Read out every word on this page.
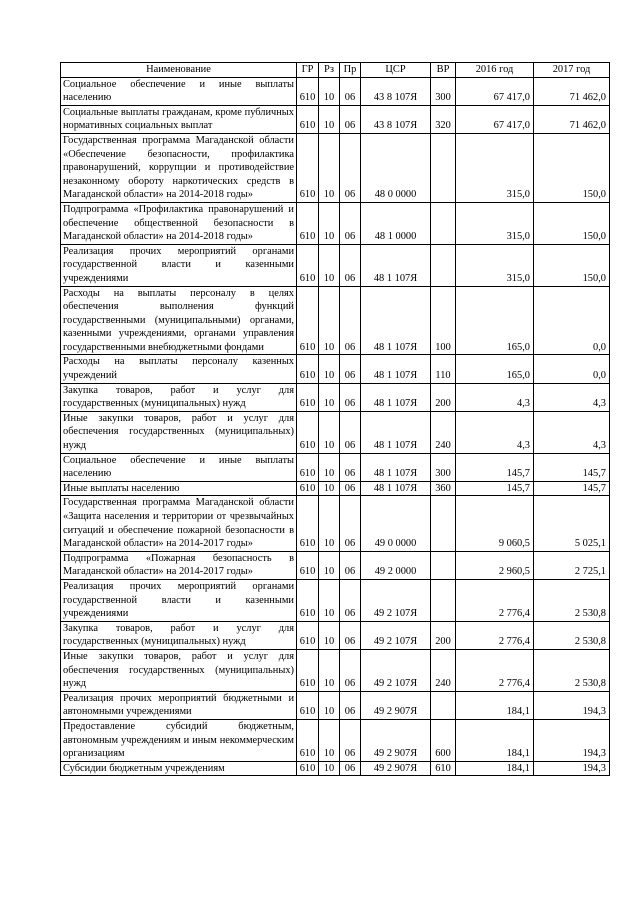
Наименование	ГР	Рз	Пр	ЦСР	ВР	2016 год	2017 год
Социальное обеспечение и иные выплаты населению	610	10	06	43 8 107Я	300	67 417,0	71 462,0
Социальные выплаты гражданам, кроме публичных нормативных социальных выплат	610	10	06	43 8 107Я	320	67 417,0	71 462,0
Государственная программа Магаданской области «Обеспечение безопасности, профилактика правонарушений, коррупции и противодействие незаконному обороту наркотических средств в Магаданской области» на 2014-2018 годы»	610	10	06	48 0 0000		315,0	150,0
Подпрограмма «Профилактика правонарушений и обеспечение общественной безопасности в Магаданской области» на 2014-2018 годы»	610	10	06	48 1 0000		315,0	150,0
Реализация прочих мероприятий органами государственной власти и казенными учреждениями	610	10	06	48 1 107Я		315,0	150,0
Расходы на выплаты персоналу в целях обеспечения выполнения функций государственными (муниципальными) органами, казенными учреждениями, органами управления государственными внебюджетными фондами	610	10	06	48 1 107Я	100	165,0	0,0
Расходы на выплаты персоналу казенных учреждений	610	10	06	48 1 107Я	110	165,0	0,0
Закупка товаров, работ и услуг для государственных (муниципальных) нужд	610	10	06	48 1 107Я	200	4,3	4,3
Иные закупки товаров, работ и услуг для обеспечения государственных (муниципальных) нужд	610	10	06	48 1 107Я	240	4,3	4,3
Социальное обеспечение и иные выплаты населению	610	10	06	48 1 107Я	300	145,7	145,7
Иные выплаты населению	610	10	06	48 1 107Я	360	145,7	145,7
Государственная программа Магаданской области «Защита населения и территории от чрезвычайных ситуаций и обеспечение пожарной безопасности в Магаданской области» на 2014-2017 годы»	610	10	06	49 0 0000		9 060,5	5 025,1
Подпрограмма «Пожарная безопасность в Магаданской области» на 2014-2017 годы»	610	10	06	49 2 0000		2 960,5	2 725,1
Реализация прочих мероприятий органами государственной власти и казенными учреждениями	610	10	06	49 2 107Я		2 776,4	2 530,8
Закупка товаров, работ и услуг для государственных (муниципальных) нужд	610	10	06	49 2 107Я	200	2 776,4	2 530,8
Иные закупки товаров, работ и услуг для обеспечения государственных (муниципальных) нужд	610	10	06	49 2 107Я	240	2 776,4	2 530,8
Реализация прочих мероприятий бюджетными и автономными учреждениями	610	10	06	49 2 907Я		184,1	194,3
Предоставление субсидий бюджетным, автономным учреждениям и иным некоммерческим организациям	610	10	06	49 2 907Я	600	184,1	194,3
Субсидии бюджетным учреждениям	610	10	06	49 2 907Я	610	184,1	194,3
